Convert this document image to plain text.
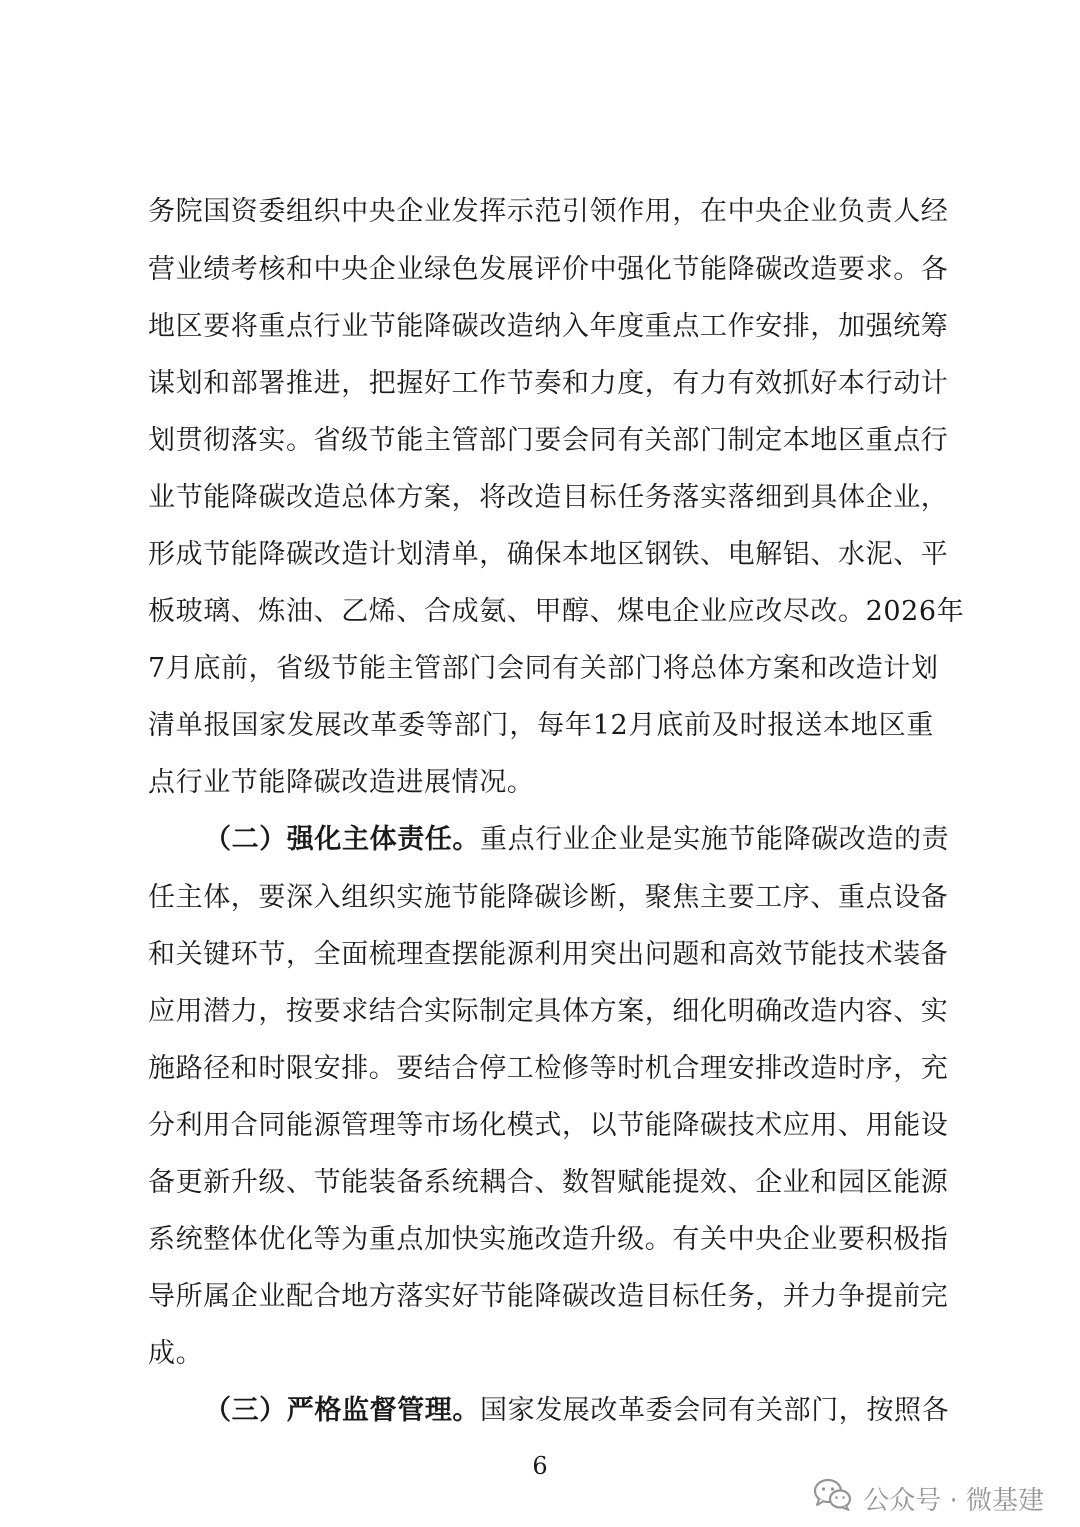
务院国资委组织中央企业发挥示范引领作用，在中央企业负责人经
营业绩考核和中央企业绿色发展评价中强化节能降碳改造要求。各
地区要将重点行业节能降碳改造纳入年度重点工作安排，加强统筹
谋划和部署推进，把握好工作节奏和力度，有力有效抓好本行动计
划贯彻落实。省级节能主管部门要会同有关部门制定本地区重点行
业节能降碳改造总体方案，将改造目标任务落实落细到具体企业，
形成节能降碳改造计划清单，确保本地区钢铁、电解铝、水泥、平
板玻璃、炼油、乙烯、合成氨、甲醇、煤电企业应改尽改。2026年
7月底前，省级节能主管部门会同有关部门将总体方案和改造计划
清单报国家发展改革委等部门，每年12月底前及时报送本地区重
点行业节能降碳改造进展情况。
（二）强化主体责任。重点行业企业是实施节能降碳改造的责
任主体，要深入组织实施节能降碳诊断，聚焦主要工序、重点设备
和关键环节，全面梳理查摆能源利用突出问题和高效节能技术装备
应用潜力，按要求结合实际制定具体方案，细化明确改造内容、实
施路径和时限安排。要结合停工检修等时机合理安排改造时序，充
分利用合同能源管理等市场化模式，以节能降碳技术应用、用能设
备更新升级、节能装备系统耦合、数智赋能提效、企业和园区能源
系统整体优化等为重点加快实施改造升级。有关中央企业要积极指
导所属企业配合地方落实好节能降碳改造目标任务，并力争提前完
成。
（三）严格监督管理。国家发展改革委会同有关部门，按照各
6
公众号 · 微基建
